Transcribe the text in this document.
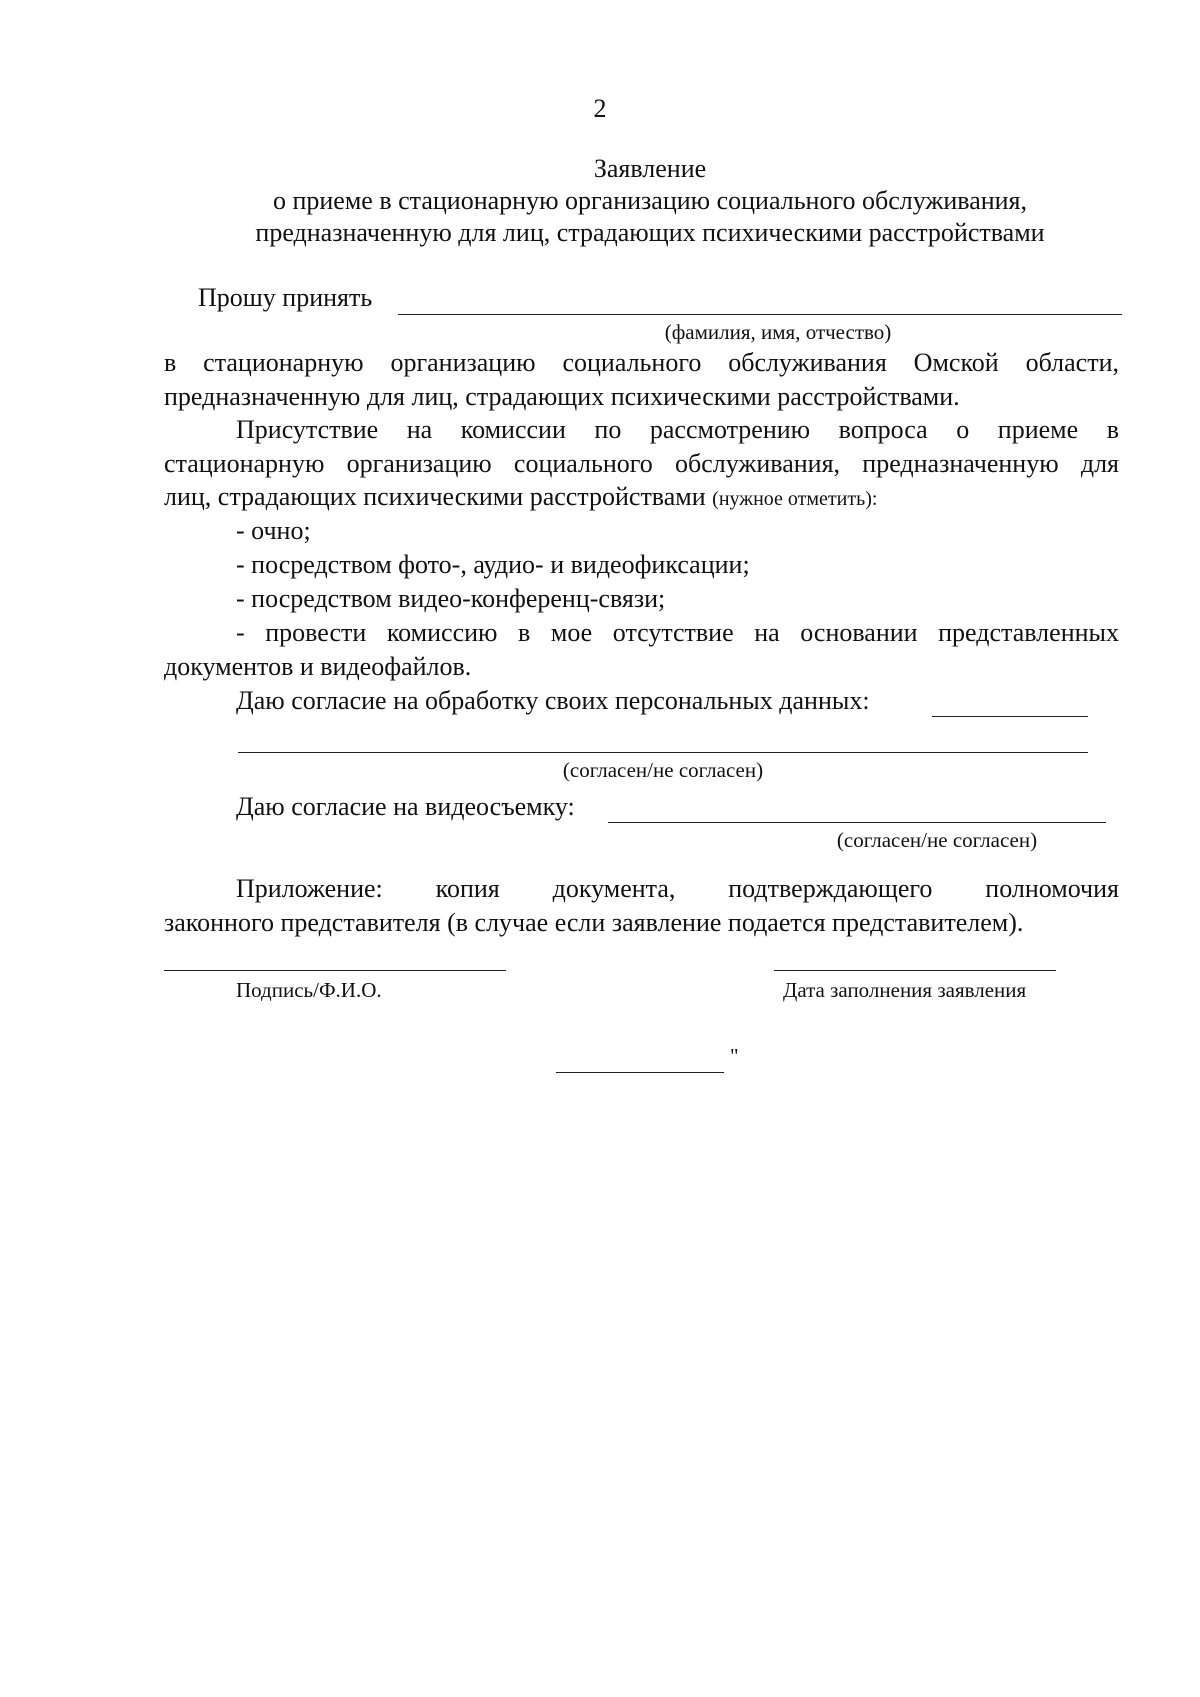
2
Заявление
о приеме в стационарную организацию социального обслуживания,
предназначенную для лиц, страдающих психическими расстройствами
Прошу принять
(фамилия, имя, отчество)
в стационарную организацию социального обслуживания Омской области,
предназначенную для лиц, страдающих психическими расстройствами.
Присутствие на комиссии по рассмотрению вопроса о приеме в
стационарную организацию социального обслуживания, предназначенную для
лиц, страдающих психическими расстройствами (нужное отметить):
- очно;
- посредством фото-, аудио- и видеофиксации;
- посредством видео-конференц-связи;
- провести комиссию в мое отсутствие на основании представленных
документов и видеофайлов.
Даю согласие на обработку своих персональных данных:
(согласен/не согласен)
Даю согласие на видеосъемку:
(согласен/не согласен)
Приложение: копия документа, подтверждающего полномочия
законного представителя (в случае если заявление подается представителем).
Подпись/Ф.И.О.	Дата заполнения заявления
"
